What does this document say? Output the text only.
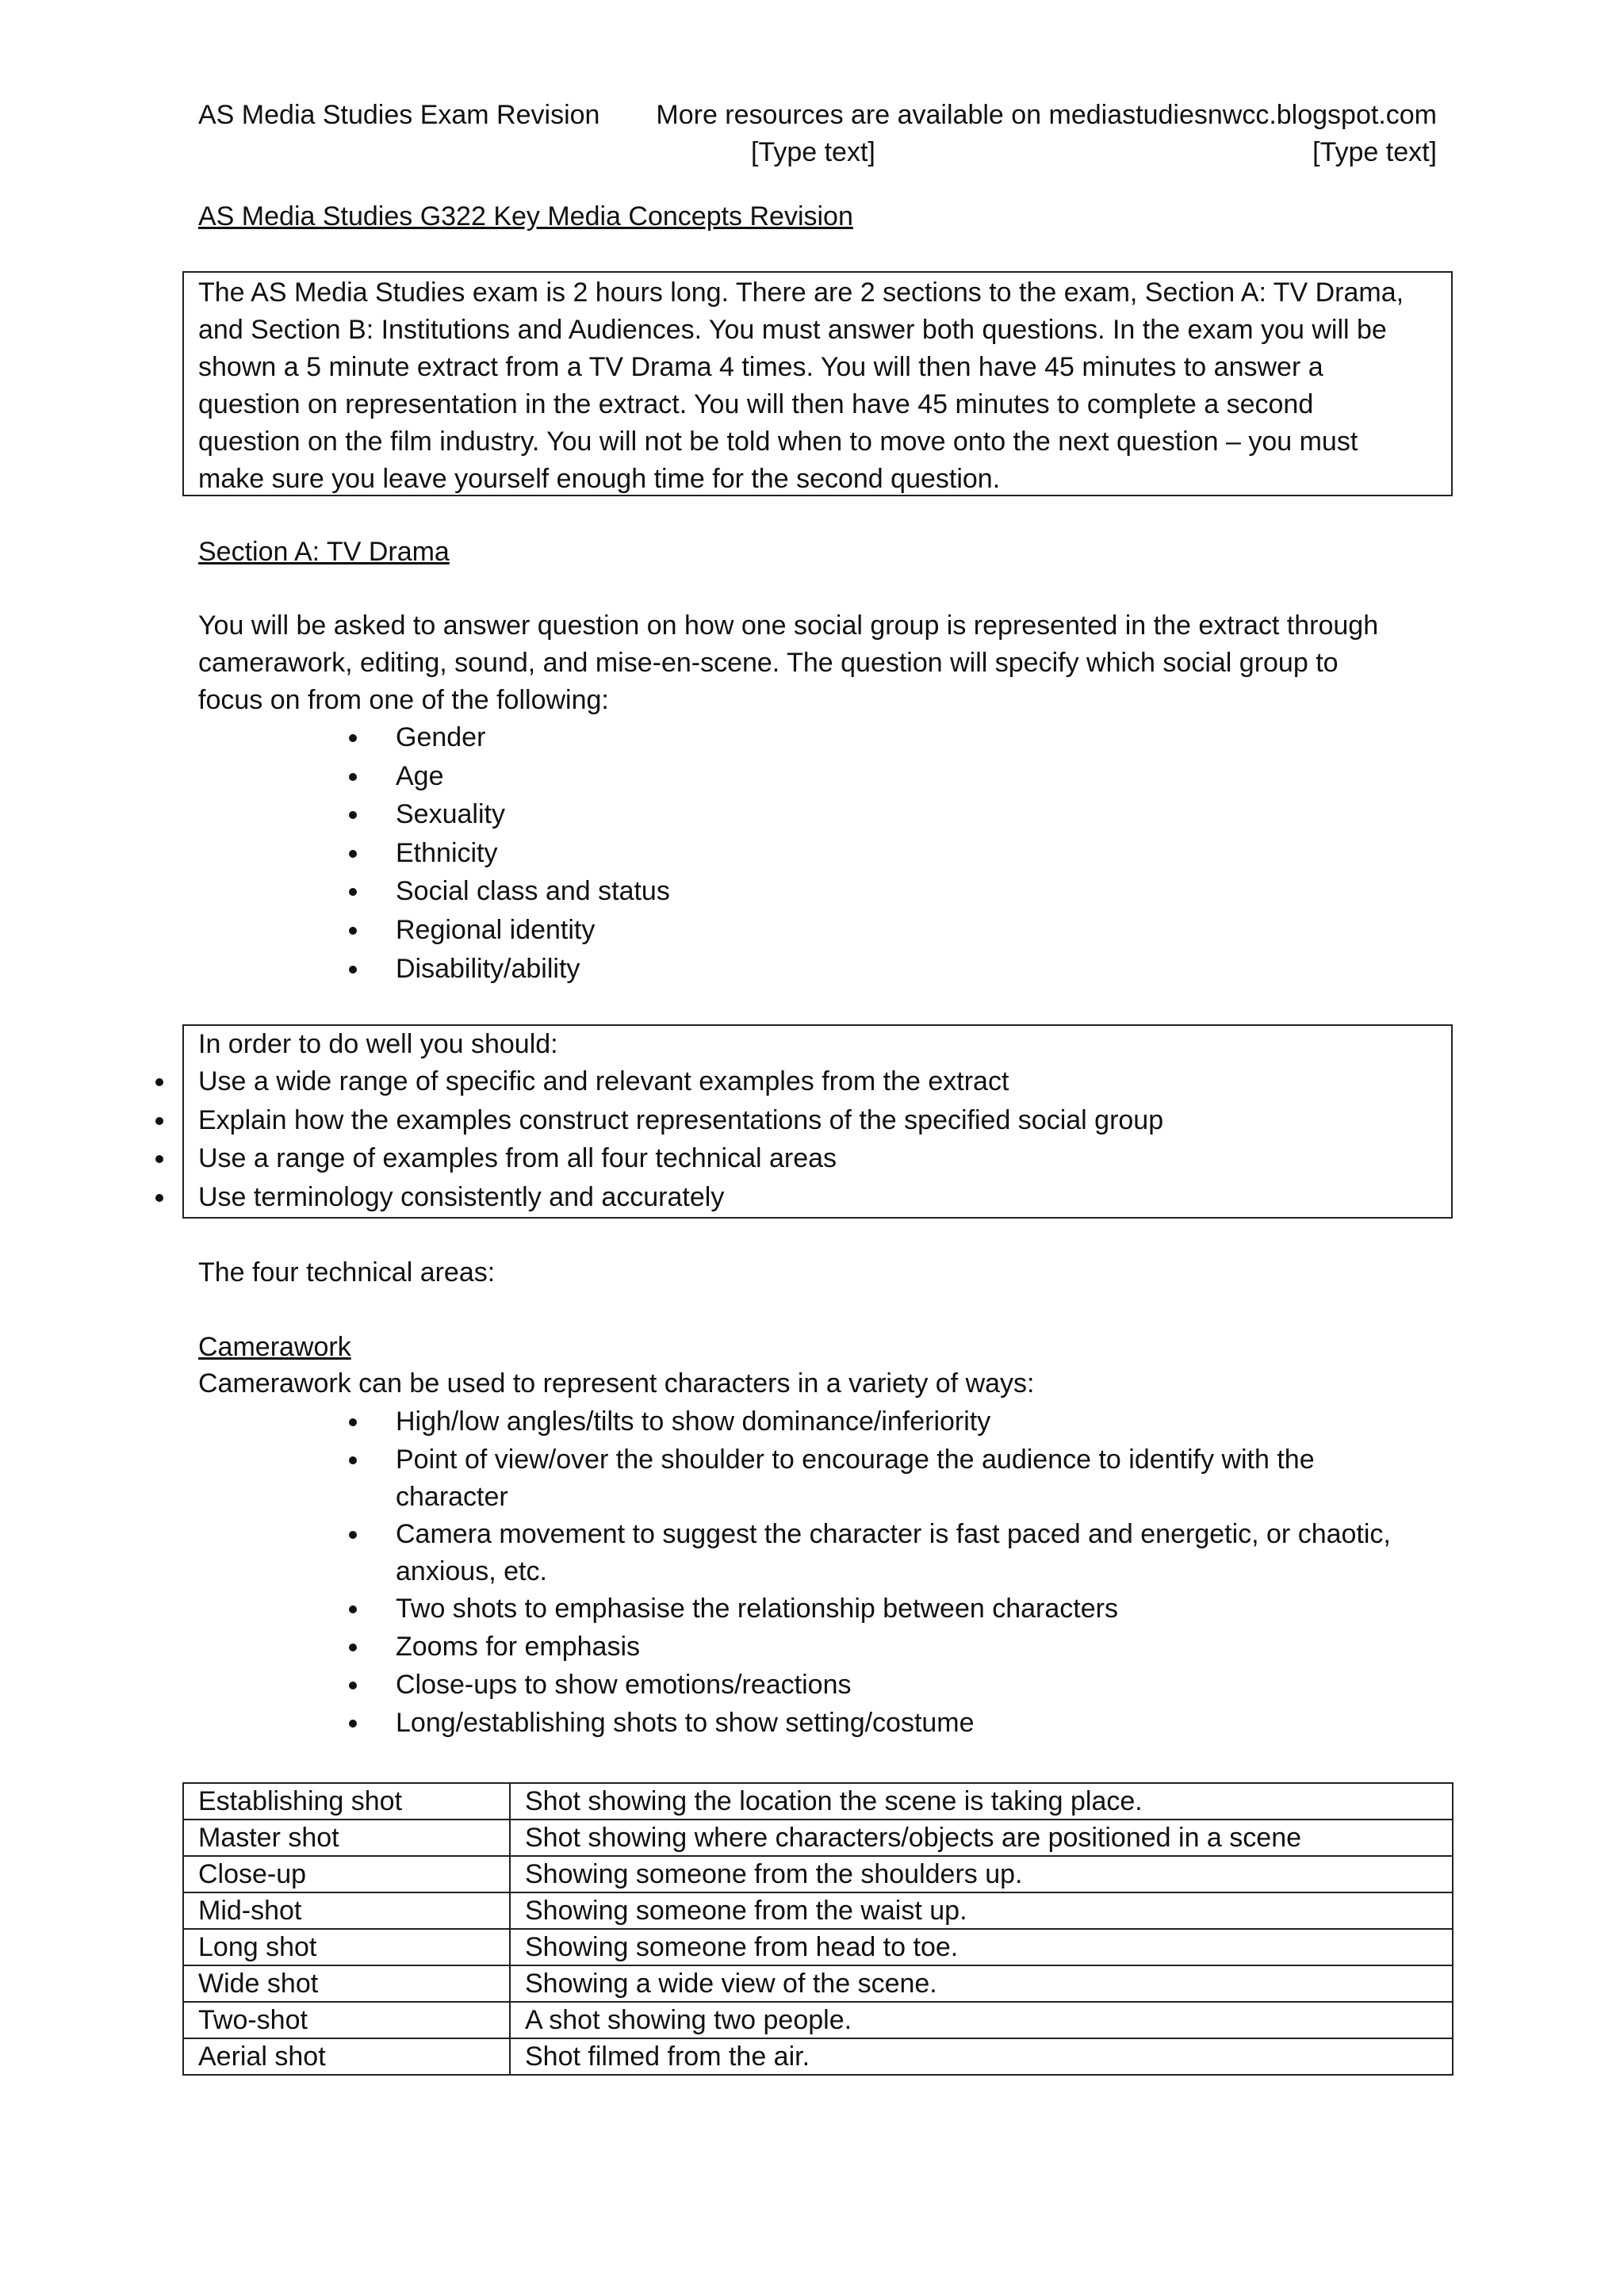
AS Media Studies Exam Revision More resources are available on mediastudiesnwcc.blogspot.com
[Type text]	[Type text]
AS Media Studies G322 Key Media Concepts Revision

The AS Media Studies exam is 2 hours long. There are 2 sections to the exam, Section A: TV Drama,

and Section B: Institutions and Audiences. You must answer both questions. In the exam you will be

shown a 5 minute extract from a TV Drama 4 times. You will then have 45 minutes to answer a

question on representation in the extract. You will then have 45 minutes to complete a second

question on the film industry. You will not be told when to move onto the next question – you must

make sure you leave yourself enough time for the second question.

Section A: TV Drama
You will be asked to answer question on how one social group is represented in the extract through
camerawork, editing, sound, and mise-en-scene. The question will specify which social group to
focus on from one of the following:
Gender
Age
Sexuality
Ethnicity
Social class and status
Regional identity
Disability/ability

In order to do well you should:

Use a wide range of specific and relevant examples from the extract
Explain how the examples construct representations of the specified social group
Use a range of examples from all four technical areas
Use terminology consistently and accurately
The four technical areas:
Camerawork
Camerawork can be used to represent characters in a variety of ways:
High/low angles/tilts to show dominance/inferiority
Point of view/over the shoulder to encourage the audience to identify with the
character
Camera movement to suggest the character is fast paced and energetic, or chaotic,
anxious, etc.
Two shots to emphasise the relationship between characters
Zooms for emphasis
Close-ups to show emotions/reactions
Long/establishing shots to show setting/costume
Establishing shot	Shot showing the location the scene is taking place.
Master shot	Shot showing where characters/objects are positioned in a scene
Close-up	Showing someone from the shoulders up.
Mid-shot	Showing someone from the waist up.
Long shot	Showing someone from head to toe.
Wide shot	Showing a wide view of the scene.
Two-shot	A shot showing two people.
Aerial shot	Shot filmed from the air.
